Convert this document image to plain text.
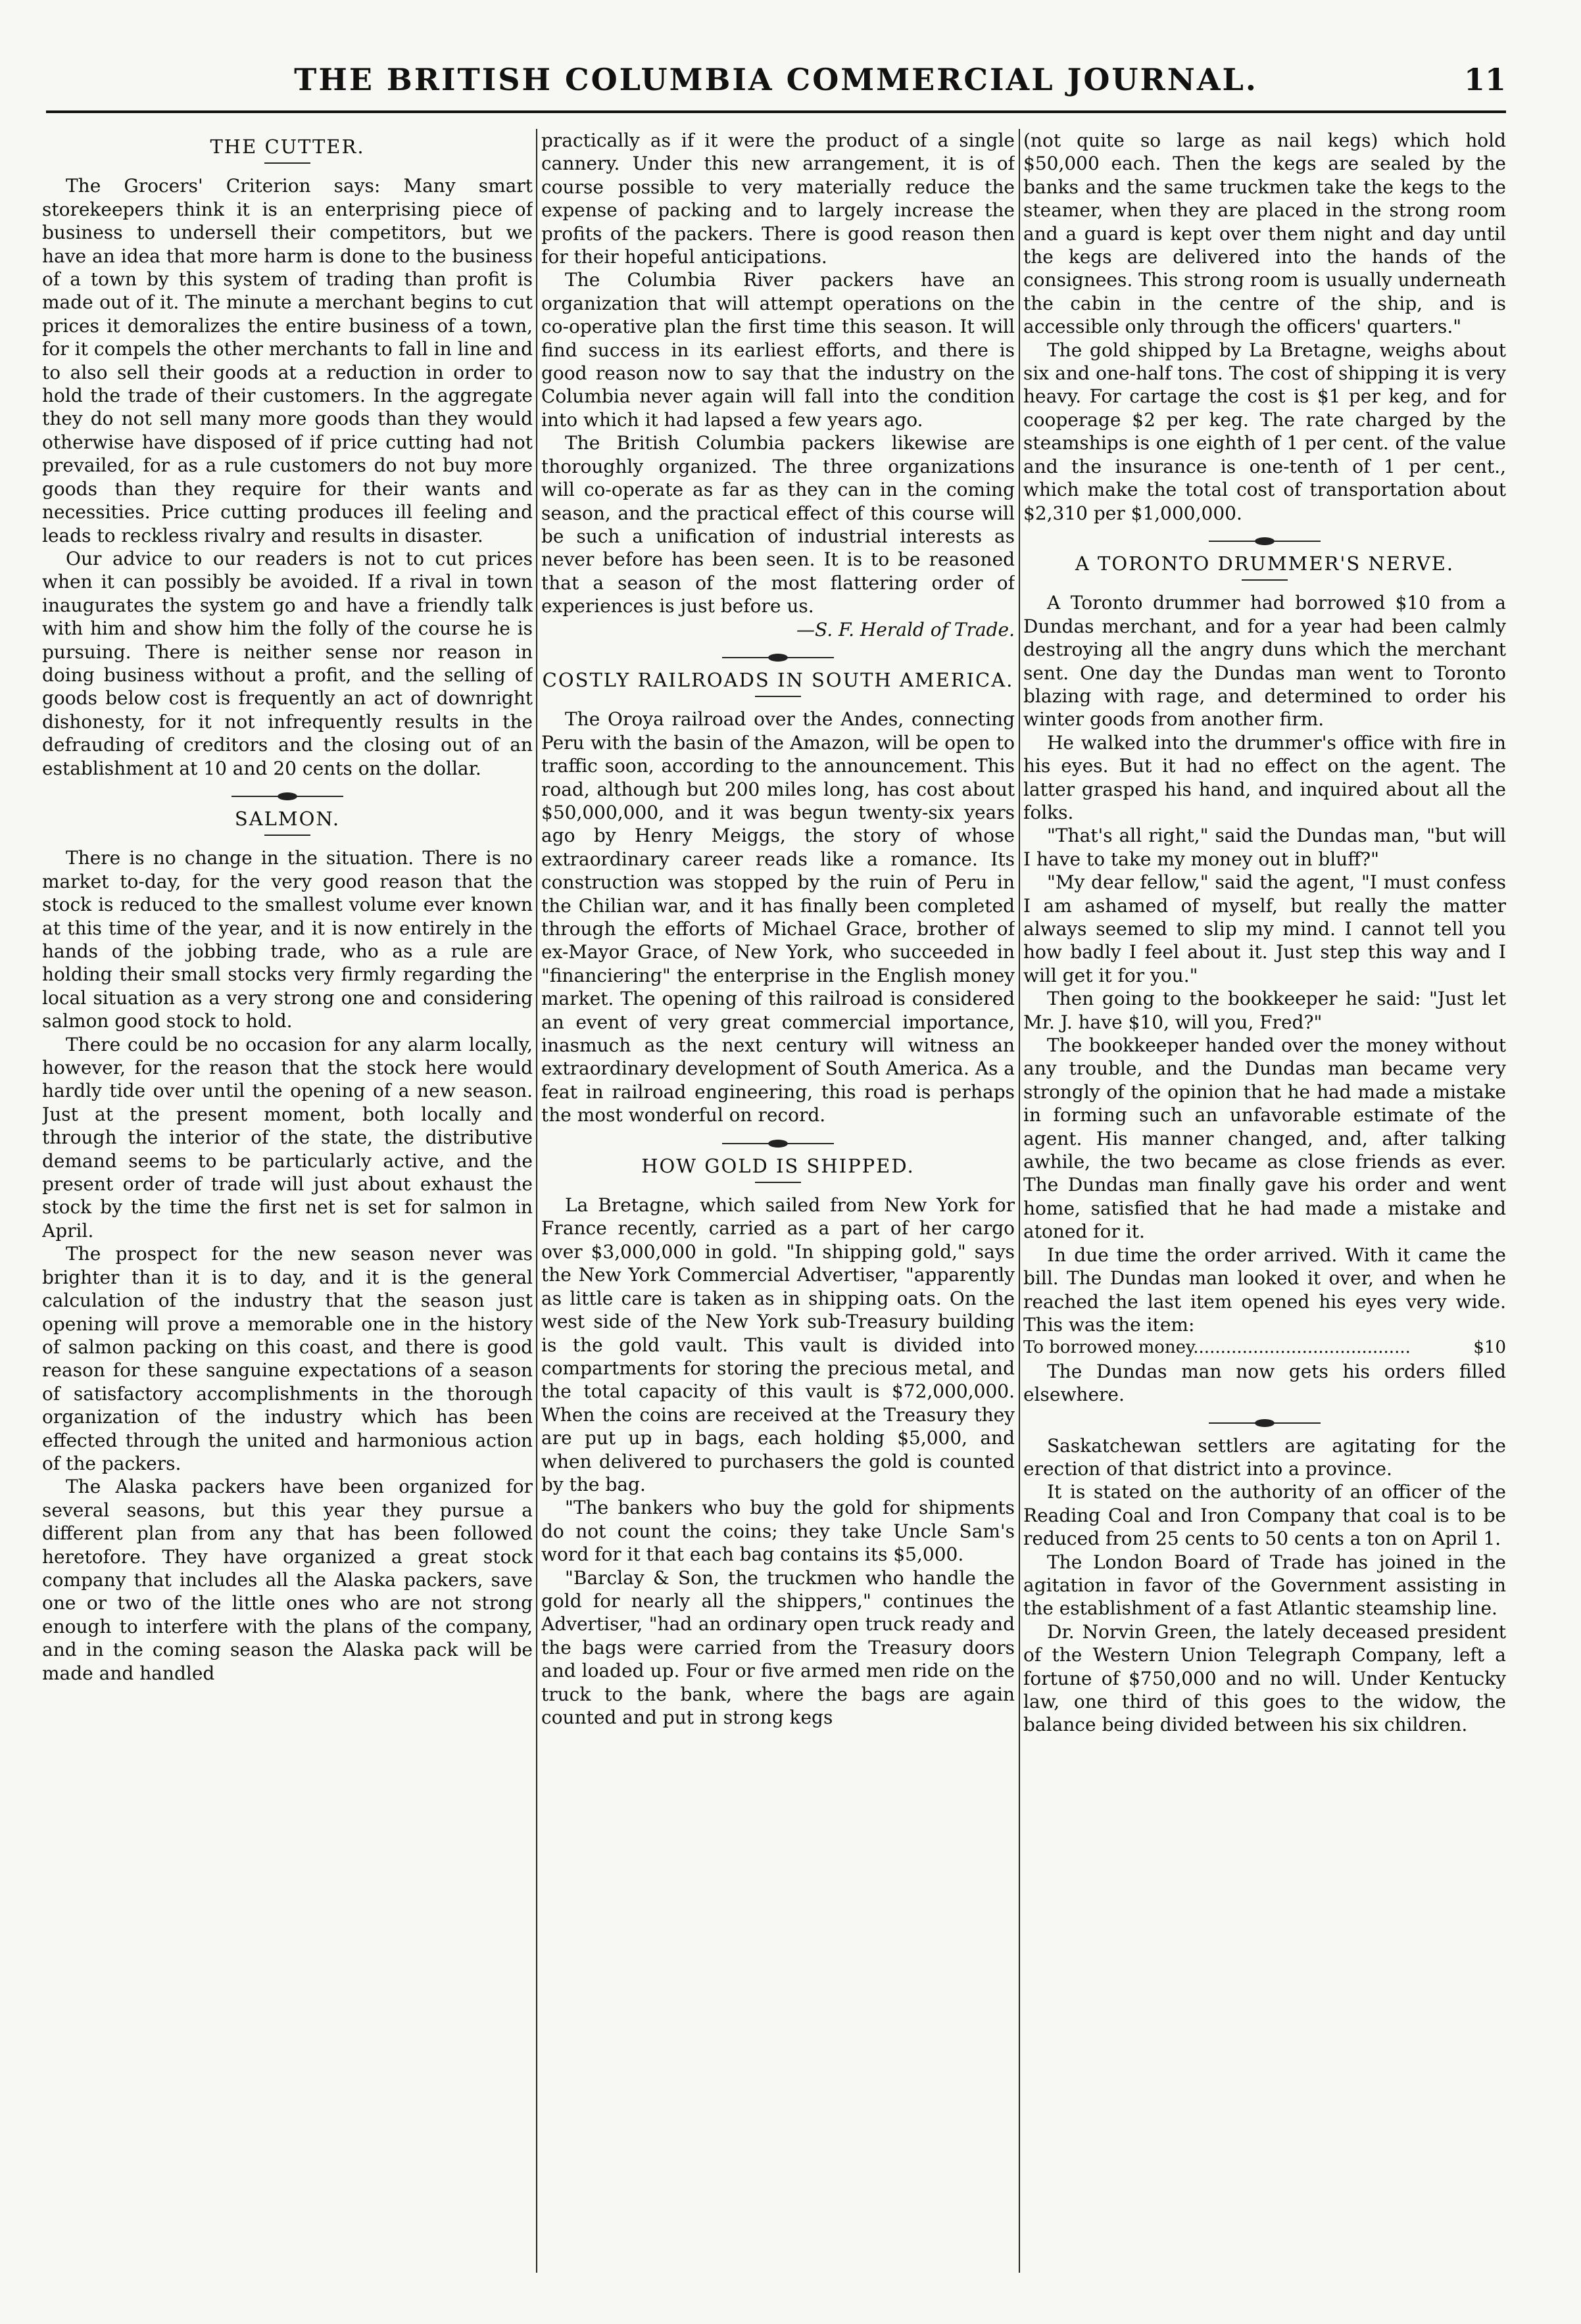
THE BRITISH COLUMBIA COMMERCIAL JOURNAL.	11
THE CUTTER.

The Grocers' Criterion says: Many smart storekeepers think it is an enterprising piece of business to undersell their competitors, but we have an idea that more harm is done to the business of a town by this system of trading than profit is made out of it. The minute a merchant begins to cut prices it demoralizes the entire business of a town, for it compels the other merchants to fall in line and to also sell their goods at a reduction in order to hold the trade of their customers. In the aggregate they do not sell many more goods than they would otherwise have disposed of if price cutting had not prevailed, for as a rule customers do not buy more goods than they require for their wants and necessities. Price cutting produces ill feeling and leads to reckless rivalry and results in disaster.

Our advice to our readers is not to cut prices when it can possibly be avoided. If a rival in town inaugurates the system go and have a friendly talk with him and show him the folly of the course he is pursuing. There is neither sense nor reason in doing business without a profit, and the selling of goods below cost is frequently an act of downright dishonesty, for it not infrequently results in the defrauding of creditors and the closing out of an establishment at 10 and 20 cents on the dollar.

SALMON.

There is no change in the situation. There is no market to-day, for the very good reason that the stock is reduced to the smallest volume ever known at this time of the year, and it is now entirely in the hands of the jobbing trade, who as a rule are holding their small stocks very firmly regarding the local situation as a very strong one and considering salmon good stock to hold.

There could be no occasion for any alarm locally, however, for the reason that the stock here would hardly tide over until the opening of a new season. Just at the present moment, both locally and through the interior of the state, the distributive demand seems to be particularly active, and the present order of trade will just about exhaust the stock by the time the first net is set for salmon in April.

The prospect for the new season never was brighter than it is to day, and it is the general calculation of the industry that the season just opening will prove a memorable one in the history of salmon packing on this coast, and there is good reason for these sanguine expectations of a season of satisfactory accomplishments in the thorough organization of the industry which has been effected through the united and harmonious action of the packers.

The Alaska packers have been organized for several seasons, but this year they pursue a different plan from any that has been followed heretofore. They have organized a great stock company that includes all the Alaska packers, save one or two of the little ones who are not strong enough to interfere with the plans of the company, and in the coming season the Alaska pack will be made and handled

practically as if it were the product of a single cannery. Under this new arrangement, it is of course possible to very materially reduce the expense of packing and to largely increase the profits of the packers. There is good reason then for their hopeful anticipations.

The Columbia River packers have an organization that will attempt operations on the co-operative plan the first time this season. It will find success in its earliest efforts, and there is good reason now to say that the industry on the Columbia never again will fall into the condition into which it had lapsed a few years ago.

The British Columbia packers likewise are thoroughly organized. The three organizations will co-operate as far as they can in the coming season, and the practical effect of this course will be such a unification of industrial interests as never before has been seen. It is to be reasoned that a season of the most flattering order of experiences is just before us.

—S. F. Herald of Trade.

COSTLY RAILROADS IN SOUTH AMERICA.

The Oroya railroad over the Andes, connecting Peru with the basin of the Amazon, will be open to traffic soon, according to the announcement. This road, although but 200 miles long, has cost about $50,000,000, and it was begun twenty-six years ago by Henry Meiggs, the story of whose extraordinary career reads like a romance. Its construction was stopped by the ruin of Peru in the Chilian war, and it has finally been completed through the efforts of Michael Grace, brother of ex-Mayor Grace, of New York, who succeeded in "financiering" the enterprise in the English money market. The opening of this railroad is considered an event of very great commercial importance, inasmuch as the next century will witness an extraordinary development of South America. As a feat in railroad engineering, this road is perhaps the most wonderful on record.

HOW GOLD IS SHIPPED.

La Bretagne, which sailed from New York for France recently, carried as a part of her cargo over $3,000,000 in gold. "In shipping gold," says the New York Commercial Advertiser, "apparently as little care is taken as in shipping oats. On the west side of the New York sub-Treasury building is the gold vault. This vault is divided into compartments for storing the precious metal, and the total capacity of this vault is $72,000,000. When the coins are received at the Treasury they are put up in bags, each holding $5,000, and when delivered to purchasers the gold is counted by the bag.

"The bankers who buy the gold for shipments do not count the coins; they take Uncle Sam's word for it that each bag contains its $5,000.

"Barclay & Son, the truckmen who handle the gold for nearly all the shippers," continues the Advertiser, "had an ordinary open truck ready and the bags were carried from the Treasury doors and loaded up. Four or five armed men ride on the truck to the bank, where the bags are again counted and put in strong kegs

(not quite so large as nail kegs) which hold $50,000 each. Then the kegs are sealed by the banks and the same truckmen take the kegs to the steamer, when they are placed in the strong room and a guard is kept over them night and day until the kegs are delivered into the hands of the consignees. This strong room is usually underneath the cabin in the centre of the ship, and is accessible only through the officers' quarters."

The gold shipped by La Bretagne, weighs about six and one-half tons. The cost of shipping it is very heavy. For cartage the cost is $1 per keg, and for cooperage $2 per keg. The rate charged by the steamships is one eighth of 1 per cent. of the value and the insurance is one-tenth of 1 per cent., which make the total cost of transportation about $2,310 per $1,000,000.

A TORONTO DRUMMER'S NERVE.

A Toronto drummer had borrowed $10 from a Dundas merchant, and for a year had been calmly destroying all the angry duns which the merchant sent. One day the Dundas man went to Toronto blazing with rage, and determined to order his winter goods from another firm.

He walked into the drummer's office with fire in his eyes. But it had no effect on the agent. The latter grasped his hand, and inquired about all the folks.

"That's all right," said the Dundas man, "but will I have to take my money out in bluff?"

"My dear fellow," said the agent, "I must confess I am ashamed of myself, but really the matter always seemed to slip my mind. I cannot tell you how badly I feel about it. Just step this way and I will get it for you."

Then going to the bookkeeper he said: "Just let Mr. J. have $10, will you, Fred?"

The bookkeeper handed over the money without any trouble, and the Dundas man became very strongly of the opinion that he had made a mistake in forming such an unfavorable estimate of the agent. His manner changed, and, after talking awhile, the two became as close friends as ever. The Dundas man finally gave his order and went home, satisfied that he had made a mistake and atoned for it.

In due time the order arrived. With it came the bill. The Dundas man looked it over, and when he reached the last item opened his eyes very wide. This was the item:

To borrowed money........................................	$10

The Dundas man now gets his orders filled elsewhere.

Saskatchewan settlers are agitating for the erection of that district into a province.

It is stated on the authority of an officer of the Reading Coal and Iron Company that coal is to be reduced from 25 cents to 50 cents a ton on April 1.

The London Board of Trade has joined in the agitation in favor of the Government assisting in the establishment of a fast Atlantic steamship line.

Dr. Norvin Green, the lately deceased president of the Western Union Telegraph Company, left a fortune of $750,000 and no will. Under Kentucky law, one third of this goes to the widow, the balance being divided between his six children.
